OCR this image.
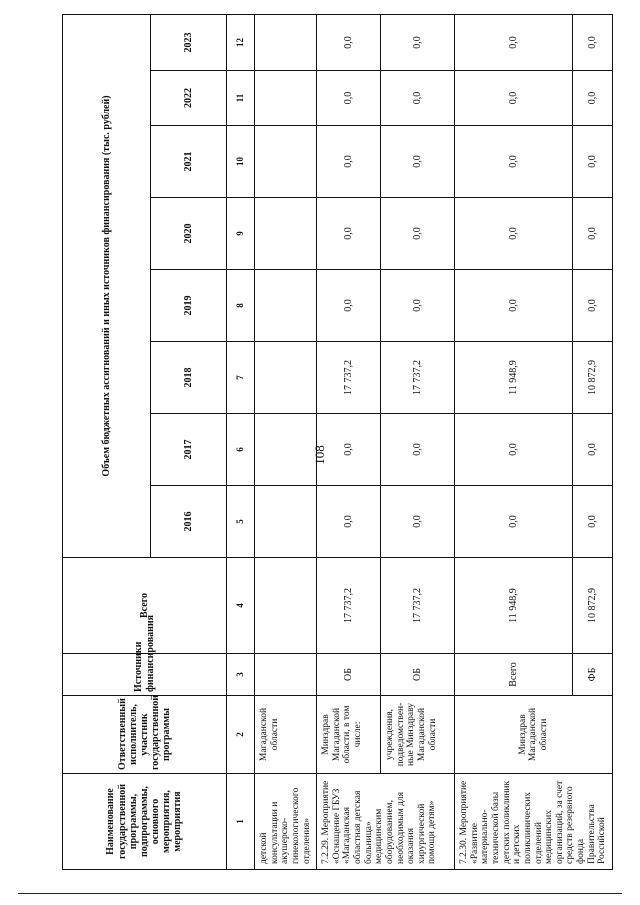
108
Наименование государственной программы, подпрограммы, основного мероприятия, мероприятия	Ответственный исполнитель, участник государственной программы	Источники финансирования	Всего	Объем бюджетных ассигнований и иных источников финансирования (тыс. рублей)							
				2016	2017	2018	2019	2020	2021	2022	2023
1	2	3	4	5	6	7	8	9	10	11	12
детской консультации и акушерско-гинекологического отделения»	Магаданской области										
7.2.29. Мероприятие «Оснащение ГБУЗ «Магаданская областная детская больница» медицинским оборудованием, необходимым для оказания хирургической помощи детям»	Минздрав Магаданской области, в том числе:	ОБ	17 737,2	0,0	0,0	17 737,2	0,0	0,0	0,0	0,0	0,0
	учреждения, подведомствен-ные Минздраву Магаданской области	ОБ	17 737,2	0,0	0,0	17 737,2	0,0	0,0	0,0	0,0	0,0
7.2.30. Мероприятие «Развитие материально-технической базы детских поликлиник и детских поликлинических отделений медицинских организаций, за счет средств резервного фонда Правительства Российской	Минздрав Магаданской области	Всего	11 948,9	0,0	0,0	11 948,9	0,0	0,0	0,0	0,0	0,0
		ФБ	10 872,9	0,0	0,0	10 872,9	0,0	0,0	0,0	0,0	0,0
